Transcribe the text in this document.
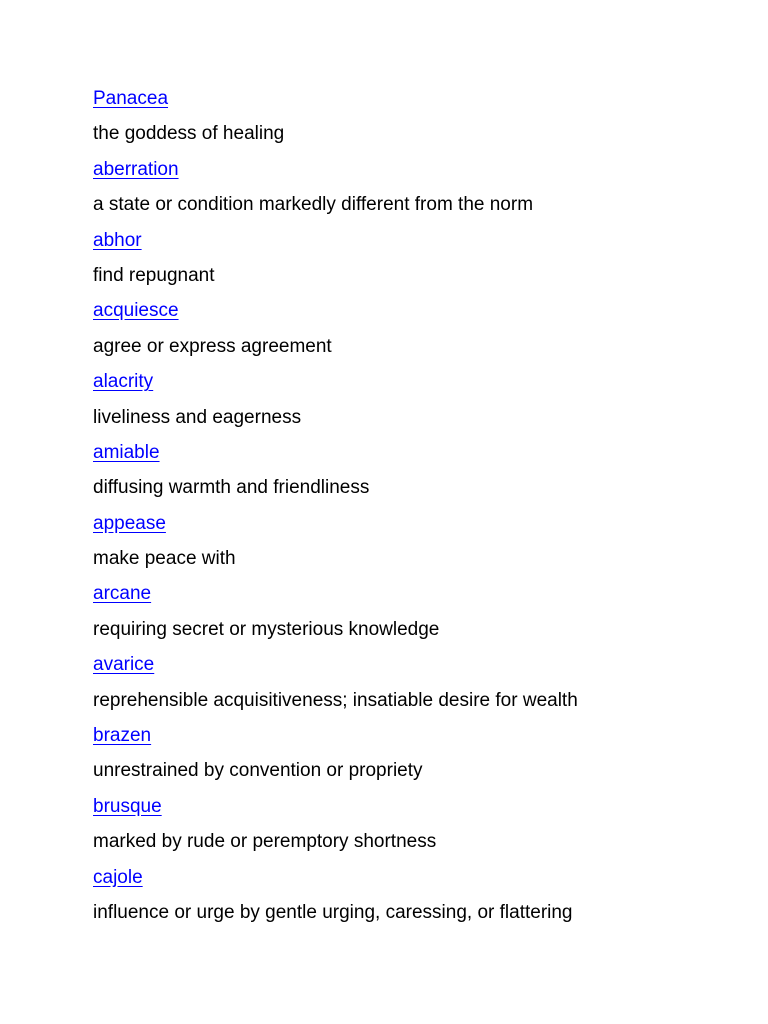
Panacea
the goddess of healing
aberration
a state or condition markedly different from the norm
abhor
find repugnant
acquiesce
agree or express agreement
alacrity
liveliness and eagerness
amiable
diffusing warmth and friendliness
appease
make peace with
arcane
requiring secret or mysterious knowledge
avarice
reprehensible acquisitiveness; insatiable desire for wealth
brazen
unrestrained by convention or propriety
brusque
marked by rude or peremptory shortness
cajole
influence or urge by gentle urging, caressing, or flattering
